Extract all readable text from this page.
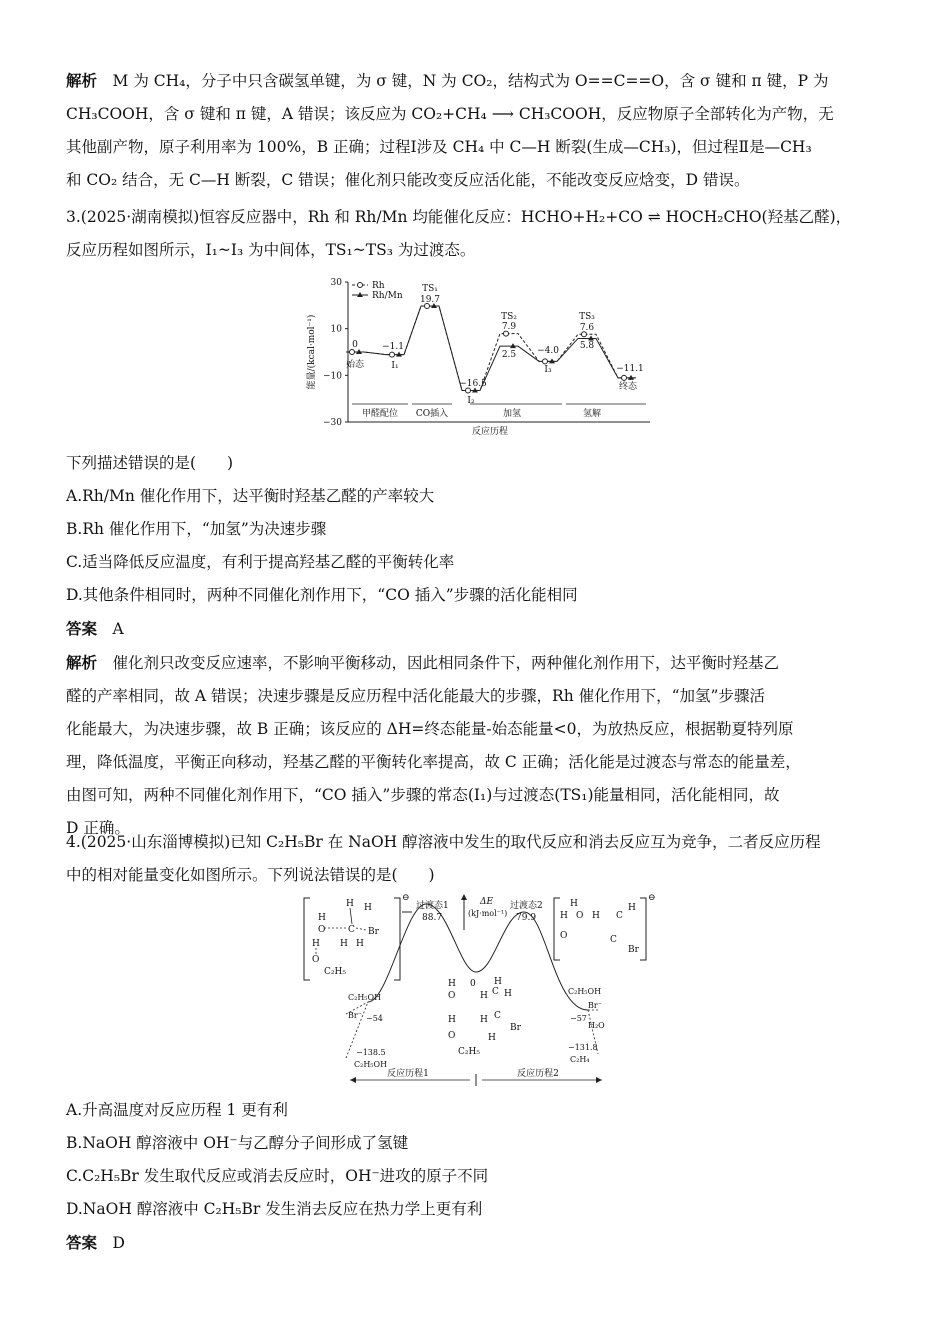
解析　 M 为 CH₄，分子中只含碳氢单键，为 σ 键，N 为 CO₂，结构式为 O==C==O，含 σ 键和 π 键，P 为
CH₃COOH，含 σ 键和 π 键，A 错误；该反应为 CO₂+CH₄ ⟶ CH₃COOH，反应物原子全部转化为产物，无
其他副产物，原子利用率为 100%，B 正确；过程Ⅰ涉及 CH₄ 中 C—H 断裂(生成—CH₃)，但过程Ⅱ是—CH₃
和 CO₂ 结合，无 C—H 断裂，C 错误；催化剂只能改变反应活化能，不能改变反应焓变，D 错误。
3.(2025·湖南模拟)恒容反应器中，Rh 和 Rh/Mn 均能催化反应：HCHO+H₂+CO ⇌ HOCH₂CHO(羟基乙醛)，
反应历程如图所示，I₁~I₃ 为中间体，TS₁~TS₃ 为过渡态。
30
10
−10
−30
能量/(kcal·mol⁻¹)
Rh
Rh/Mn
0	−1.1
19.7
−16.5
7.9
2.5 −4.0
7.6
5.8
−11.1
始态	I₁
TS₁
I₂
TS₂
I₃
TS₃
终态
甲醛配位 CO插入	加氢	氢解
反应历程
下列描述错误的是(　　)
A.Rh/Mn 催化作用下，达平衡时羟基乙醛的产率较大
B.Rh 催化作用下，“加氢”为决速步骤
C.适当降低反应温度，有利于提高羟基乙醛的平衡转化率
D.其他条件相同时，两种不同催化剂作用下，“CO 插入”步骤的活化能相同
答案　 A
解析　 催化剂只改变反应速率，不影响平衡移动，因此相同条件下，两种催化剂作用下，达平衡时羟基乙
醛的产率相同，故 A 错误；决速步骤是反应历程中活化能最大的步骤，Rh 催化作用下，“加氢”步骤活
化能最大，为决速步骤，故 B 正确；该反应的 ΔH=终态能量-始态能量<0，为放热反应，根据勒夏特列原
理，降低温度，平衡正向移动，羟基乙醛的平衡转化率提高，故 C 正确；活化能是过渡态与常态的能量差，
由图可知，两种不同催化剂作用下，“CO 插入”步骤的常态(I₁)与过渡态(TS₁)能量相同，活化能相同，故
D 正确。
4.(2025·山东淄博模拟)已知 C₂H₅Br 在 NaOH 醇溶液中发生的取代反应和消去反应互为竞争，二者反应历程
中的相对能量变化如图所示。下列说法错误的是(　　)
⊖
H H
H
O	C Br
H H H
O
C₂H₅
过渡态1
88.7
ΔE
(kJ·mol⁻¹)
过渡态2
79.9
⊖
H
H O H C
H
O	C
Br
C₂H₅OH
Br⁻ −54
−138.5
C₂H₅OH
0
H
O	H C H
H
H	H C
Br
O
C₂H₅
H
C₂H₅OH
Br⁻
−57
H₂O
−131.8
C₂H₄
反应历程1	反应历程2
A.升高温度对反应历程 1 更有利
B.NaOH 醇溶液中 OH⁻与乙醇分子间形成了氢键
C.C₂H₅Br 发生取代反应或消去反应时，OH⁻进攻的原子不同
D.NaOH 醇溶液中 C₂H₅Br 发生消去反应在热力学上更有利
答案　 D
